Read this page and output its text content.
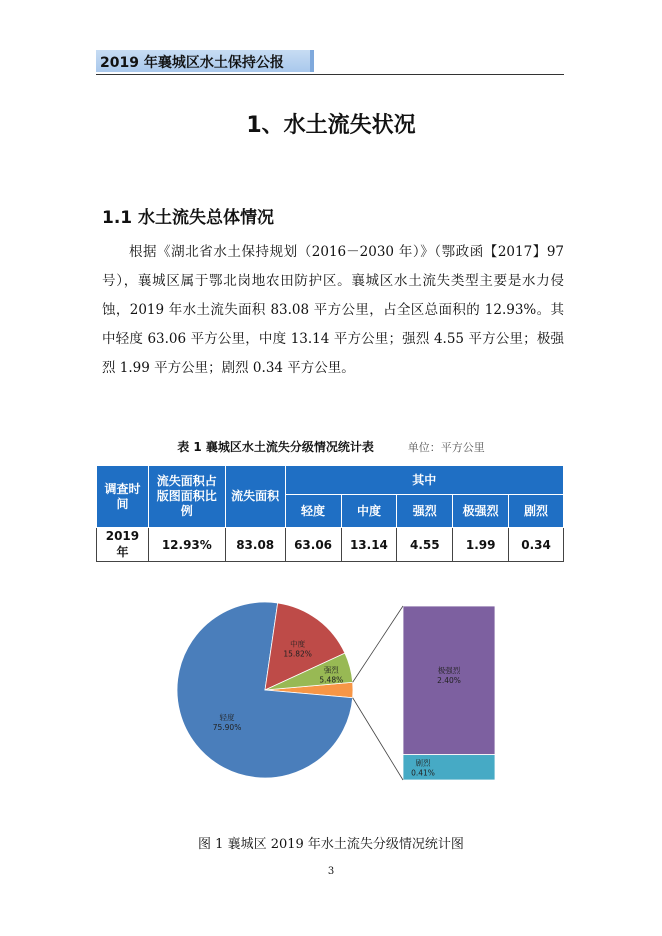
2019 年襄城区水土保持公报
1、水土流失状况
1.1 水土流失总体情况
根据《湖北省水土保持规划（2016－2030 年）》（鄂政函【2017】97 号），襄城区属于鄂北岗地农田防护区。襄城区水土流失类型主要是水力侵蚀，2019 年水土流失面积 83.08 平方公里，占全区总面积的 12.93%。其中轻度 63.06 平方公里，中度 13.14 平方公里；强烈 4.55 平方公里；极强烈 1.99 平方公里；剧烈 0.34 平方公里。
表 1 襄城区水土流失分级情况统计表	单位：平方公里
调查时间	流失面积占版图面积比例	流失面积	其中				
			轻度	中度	强烈	极强烈	剧烈
2019 年	12.93%	83.08	63.06	13.14	4.55	1.99	0.34
轻度 75.90%
中度 15.82%
强烈 5.48%
极强烈 2.40%
剧烈 0.41%
图 1 襄城区 2019 年水土流失分级情况统计图
3
